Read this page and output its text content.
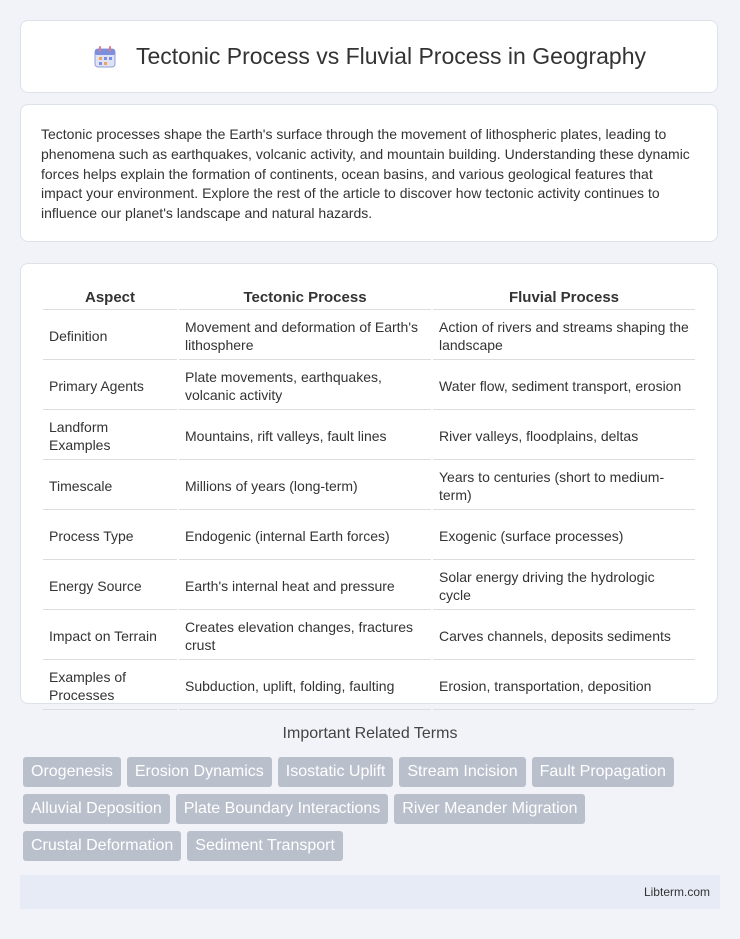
Tectonic Process vs Fluvial Process in Geography

Tectonic processes shape the Earth's surface through the movement of lithospheric plates, leading to phenomena such as earthquakes, volcanic activity, and mountain building. Understanding these dynamic forces helps explain the formation of continents, ocean basins, and various geological features that impact your environment. Explore the rest of the article to discover how tectonic activity continues to influence our planet's landscape and natural hazards.

Aspect	Tectonic Process	Fluvial Process
Definition	Movement and deformation of Earth's lithosphere	Action of rivers and streams shaping the landscape
Primary Agents	Plate movements, earthquakes, volcanic activity	Water flow, sediment transport, erosion
Landform Examples	Mountains, rift valleys, fault lines	River valleys, floodplains, deltas
Timescale	Millions of years (long-term)	Years to centuries (short to medium-term)
Process Type	Endogenic (internal Earth forces)	Exogenic (surface processes)
Energy Source	Earth's internal heat and pressure	Solar energy driving the hydrologic cycle
Impact on Terrain	Creates elevation changes, fractures crust	Carves channels, deposits sediments
Examples of Processes	Subduction, uplift, folding, faulting	Erosion, transportation, deposition
Important Related Terms
Orogenesis	Erosion Dynamics	Isostatic Uplift	Stream Incision	Fault Propagation
Alluvial Deposition	Plate Boundary Interactions	River Meander Migration
Crustal Deformation	Sediment Transport
Libterm.com
